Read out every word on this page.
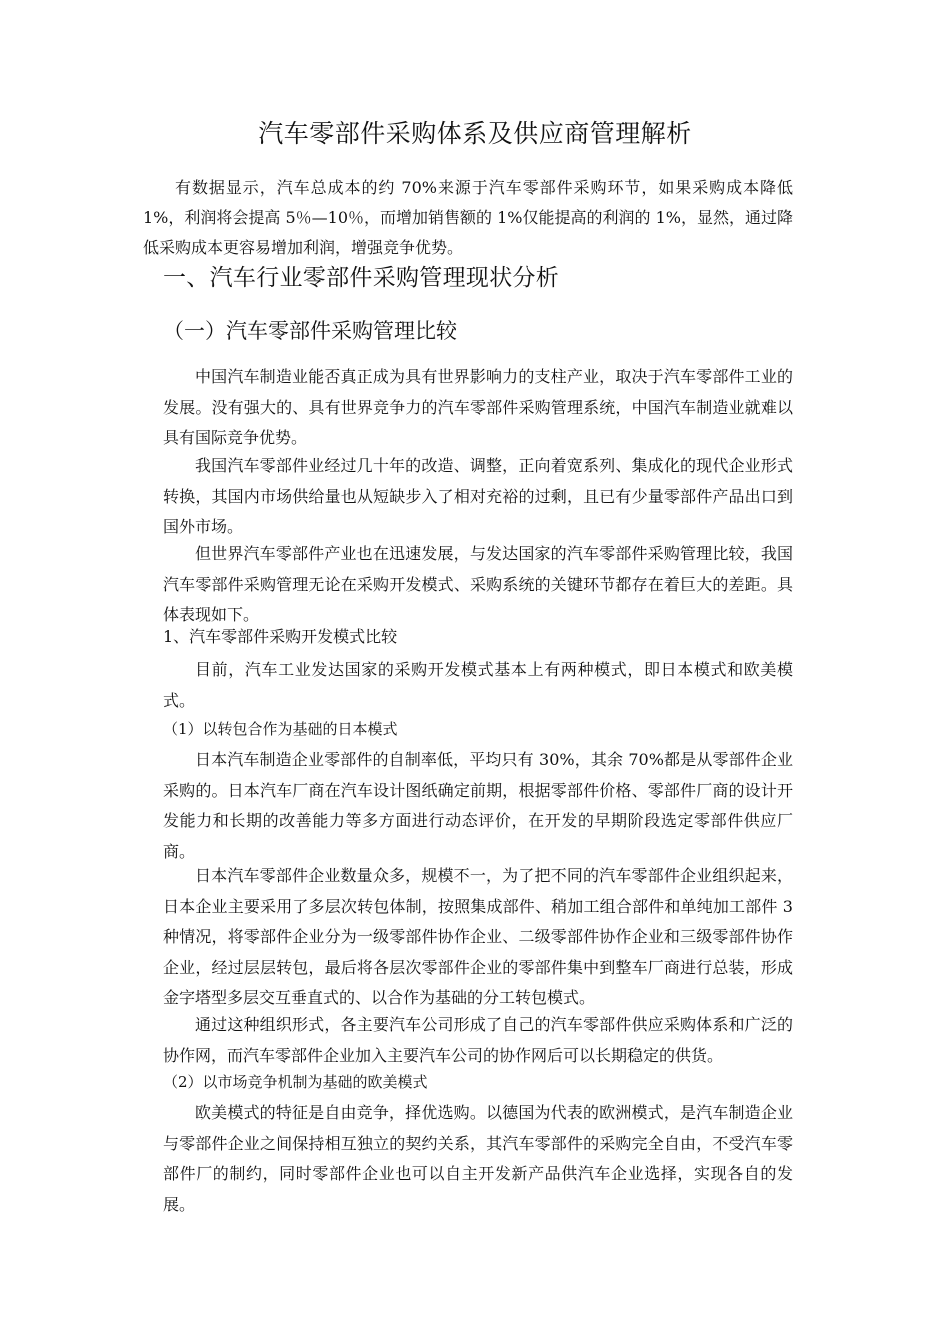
汽车零部件采购体系及供应商管理解析

有数据显示，汽车总成本的约 70%来源于汽车零部件采购环节，如果采购成本降低1%，利润将会提高 5％—10％，而增加销售额的 1%仅能提高的利润的 1%，显然，通过降低采购成本更容易增加利润，增强竞争优势。

一、汽车行业零部件采购管理现状分析
（一）汽车零部件采购管理比较

中国汽车制造业能否真正成为具有世界影响力的支柱产业，取决于汽车零部件工业的发展。没有强大的、具有世界竞争力的汽车零部件采购管理系统，中国汽车制造业就难以具有国际竞争优势。

我国汽车零部件业经过几十年的改造、调整，正向着宽系列、集成化的现代企业形式转换，其国内市场供给量也从短缺步入了相对充裕的过剩，且已有少量零部件产品出口到国外市场。

但世界汽车零部件产业也在迅速发展，与发达国家的汽车零部件采购管理比较，我国汽车零部件采购管理无论在采购开发模式、采购系统的关键环节都存在着巨大的差距。具体表现如下。

1、汽车零部件采购开发模式比较

目前，汽车工业发达国家的采购开发模式基本上有两种模式，即日本模式和欧美模式。

（1）以转包合作为基础的日本模式

日本汽车制造企业零部件的自制率低，平均只有 30%，其余 70%都是从零部件企业采购的。日本汽车厂商在汽车设计图纸确定前期，根据零部件价格、零部件厂商的设计开发能力和长期的改善能力等多方面进行动态评价，在开发的早期阶段选定零部件供应厂商。

日本汽车零部件企业数量众多，规模不一，为了把不同的汽车零部件企业组织起来，日本企业主要采用了多层次转包体制，按照集成部件、稍加工组合部件和单纯加工部件 3 种情况，将零部件企业分为一级零部件协作企业、二级零部件协作企业和三级零部件协作企业，经过层层转包，最后将各层次零部件企业的零部件集中到整车厂商进行总装，形成金字塔型多层交互垂直式的、以合作为基础的分工转包模式。

通过这种组织形式，各主要汽车公司形成了自己的汽车零部件供应采购体系和广泛的协作网，而汽车零部件企业加入主要汽车公司的协作网后可以长期稳定的供货。

（2）以市场竞争机制为基础的欧美模式

欧美模式的特征是自由竞争，择优选购。以德国为代表的欧洲模式，是汽车制造企业与零部件企业之间保持相互独立的契约关系，其汽车零部件的采购完全自由，不受汽车零部件厂的制约，同时零部件企业也可以自主开发新产品供汽车企业选择，实现各自的发展。
